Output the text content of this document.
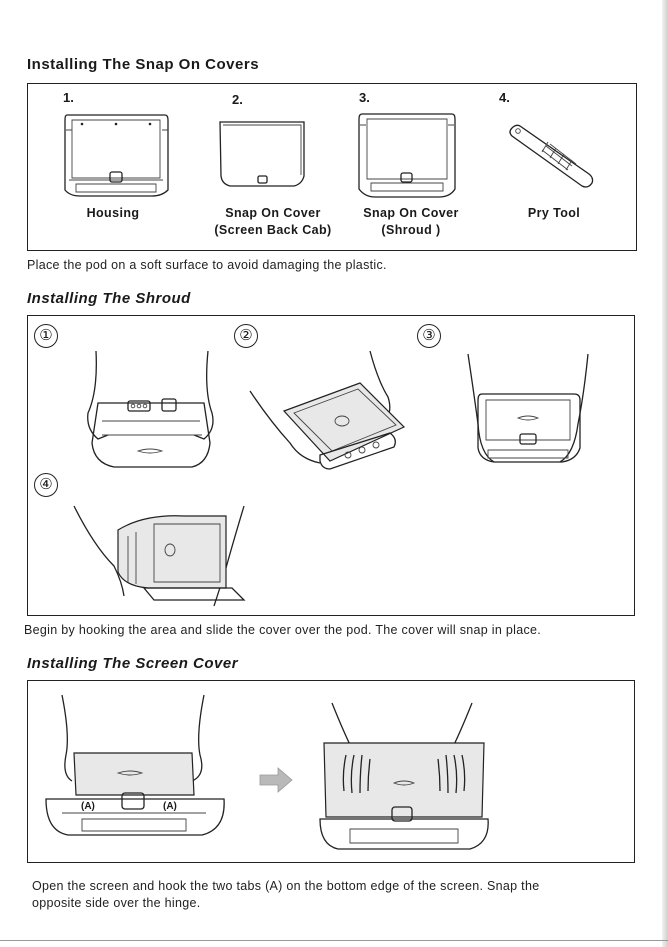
Installing The Snap On Covers
1.	2.	3.	4.
Housing	Snap On Cover
(Screen Back Cab)
Snap On Cover
(Shroud )
Pry Tool
Place the pod on a soft surface to avoid damaging the plastic.
Installing The Shroud
①	②	③
④
Begin by hooking the area and slide the cover over the pod. The cover will snap in place.
Installing The Screen Cover
(A)	(A)
Open the screen and hook the two tabs (A) on the bottom edge of the screen. Snap the
opposite side over the hinge.
